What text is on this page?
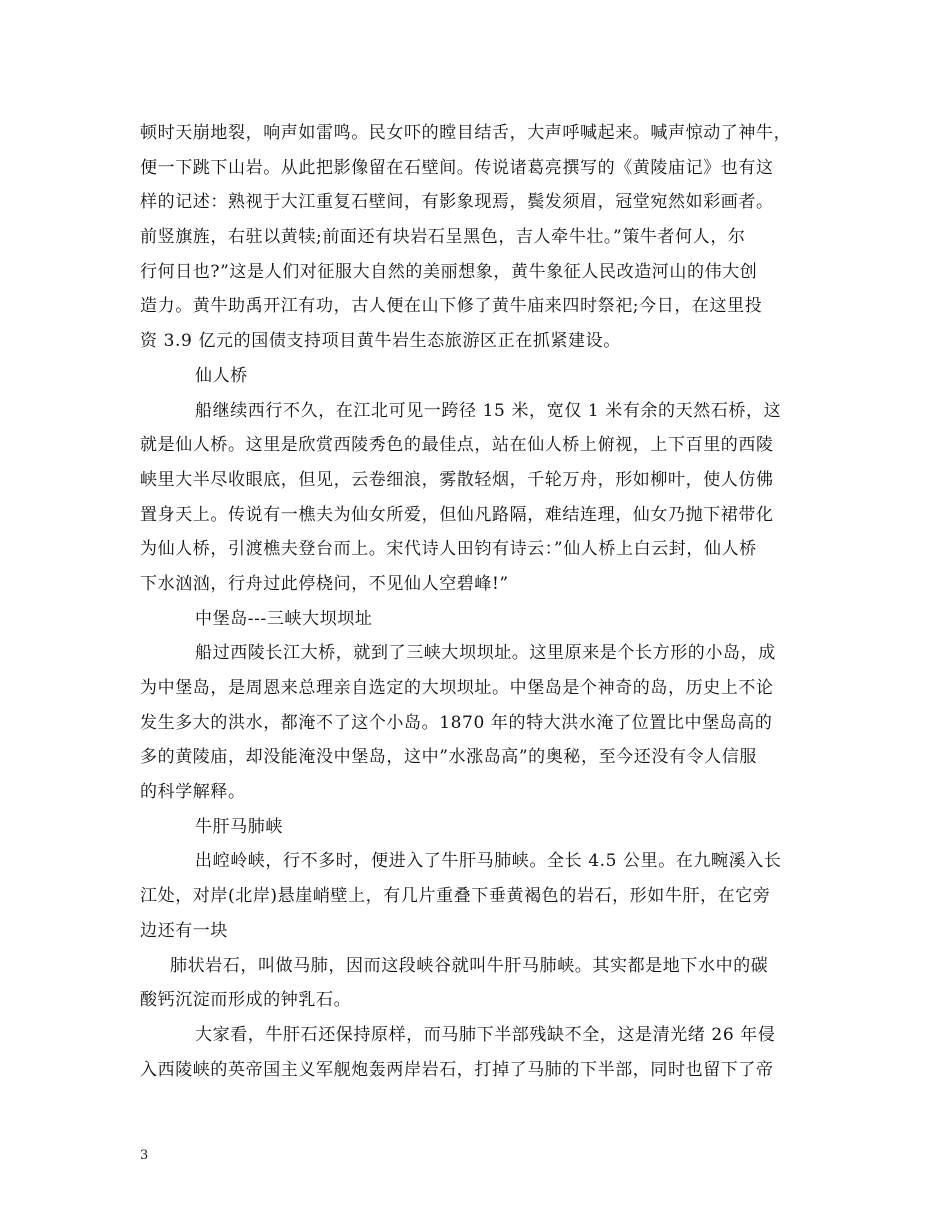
顿时天崩地裂，响声如雷鸣。民女吓的瞠目结舌，大声呼喊起来。喊声惊动了神牛，
便一下跳下山岩。从此把影像留在石壁间。传说诸葛亮撰写的《黄陵庙记》也有这
样的记述：熟视于大江重复石壁间，有影象现焉，鬓发须眉，冠堂宛然如彩画者。
前竖旗旌，右驻以黄犊;前面还有块岩石呈黑色，吉人牵牛壮。”策牛者何人，尔
行何日也?”这是人们对征服大自然的美丽想象，黄牛象征人民改造河山的伟大创
造力。黄牛助禹开江有功，古人便在山下修了黄牛庙来四时祭祀;今日，在这里投
资 3.9 亿元的国债支持项目黄牛岩生态旅游区正在抓紧建设。
仙人桥
船继续西行不久，在江北可见一跨径 15 米，宽仅 1 米有余的天然石桥，这
就是仙人桥。这里是欣赏西陵秀色的最佳点，站在仙人桥上俯视，上下百里的西陵
峡里大半尽收眼底，但见，云卷细浪，雾散轻烟，千轮万舟，形如柳叶，使人仿佛
置身天上。传说有一樵夫为仙女所爱，但仙凡路隔，难结连理，仙女乃抛下裙带化
为仙人桥，引渡樵夫登台而上。宋代诗人田钧有诗云：”仙人桥上白云封，仙人桥
下水汹汹，行舟过此停桡问，不见仙人空碧峰!”
中堡岛---三峡大坝坝址
船过西陵长江大桥，就到了三峡大坝坝址。这里原来是个长方形的小岛，成
为中堡岛，是周恩来总理亲自选定的大坝坝址。中堡岛是个神奇的岛，历史上不论
发生多大的洪水，都淹不了这个小岛。1870 年的特大洪水淹了位置比中堡岛高的
多的黄陵庙，却没能淹没中堡岛，这中”水涨岛高”的奥秘，至今还没有令人信服
的科学解释。
牛肝马肺峡
出崆岭峡，行不多时，便进入了牛肝马肺峡。全长 4.5 公里。在九畹溪入长
江处，对岸(北岸)悬崖峭壁上，有几片重叠下垂黄褐色的岩石，形如牛肝，在它旁
边还有一块
肺状岩石，叫做马肺，因而这段峡谷就叫牛肝马肺峡。其实都是地下水中的碳
酸钙沉淀而形成的钟乳石。
大家看，牛肝石还保持原样，而马肺下半部残缺不全，这是清光绪 26 年侵
入西陵峡的英帝国主义军舰炮轰两岸岩石，打掉了马肺的下半部，同时也留下了帝
3
